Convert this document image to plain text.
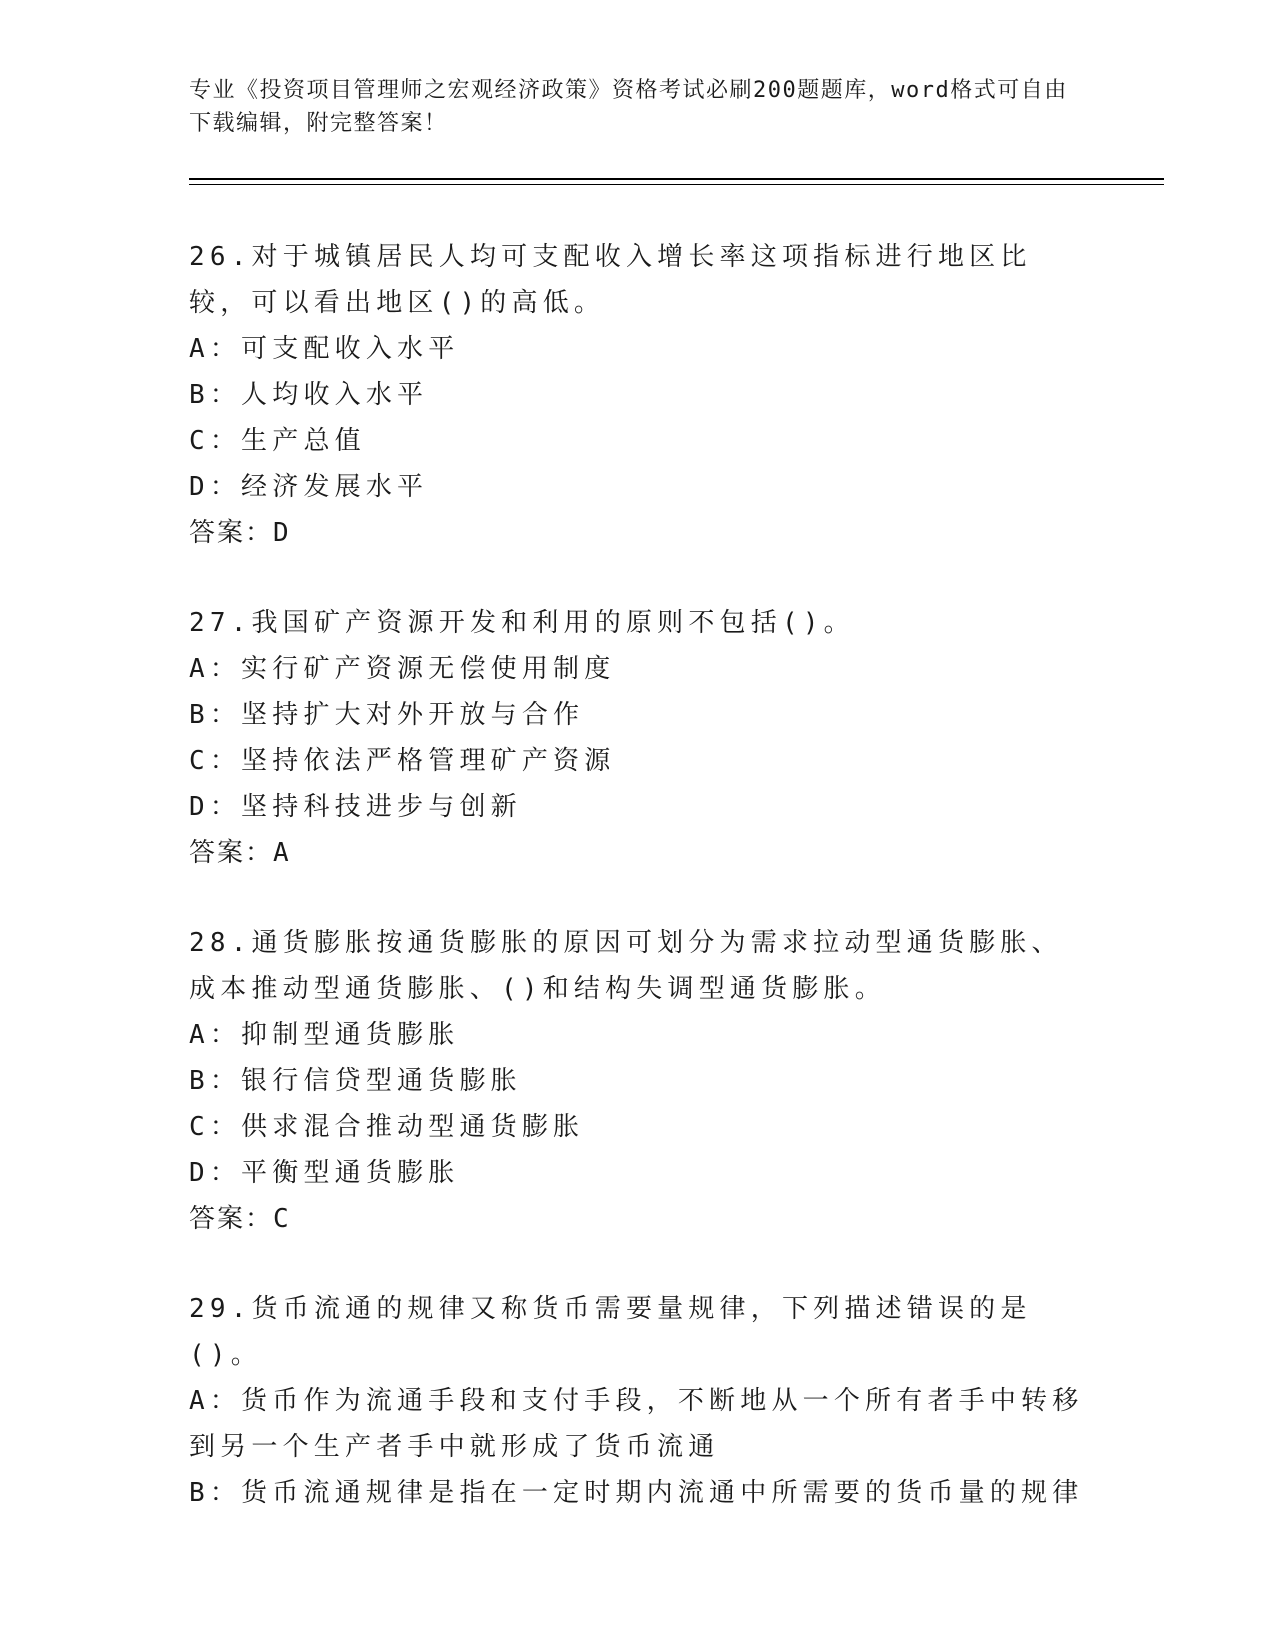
专业《投资项目管理师之宏观经济政策》资格考试必刷200题题库，word格式可自由下载编辑，附完整答案！
26.对于城镇居民人均可支配收入增长率这项指标进行地区比较，可以看出地区()的高低。
A：可支配收入水平
B：人均收入水平
C：生产总值
D：经济发展水平
答案：D
27.我国矿产资源开发和利用的原则不包括()。
A：实行矿产资源无偿使用制度
B：坚持扩大对外开放与合作
C：坚持依法严格管理矿产资源
D：坚持科技进步与创新
答案：A
28.通货膨胀按通货膨胀的原因可划分为需求拉动型通货膨胀、成本推动型通货膨胀、()和结构失调型通货膨胀。
A：抑制型通货膨胀
B：银行信贷型通货膨胀
C：供求混合推动型通货膨胀
D：平衡型通货膨胀
答案：C
29.货币流通的规律又称货币需要量规律，下列描述错误的是()。
A：货币作为流通手段和支付手段，不断地从一个所有者手中转移到另一个生产者手中就形成了货币流通
B：货币流通规律是指在一定时期内流通中所需要的货币量的规律
